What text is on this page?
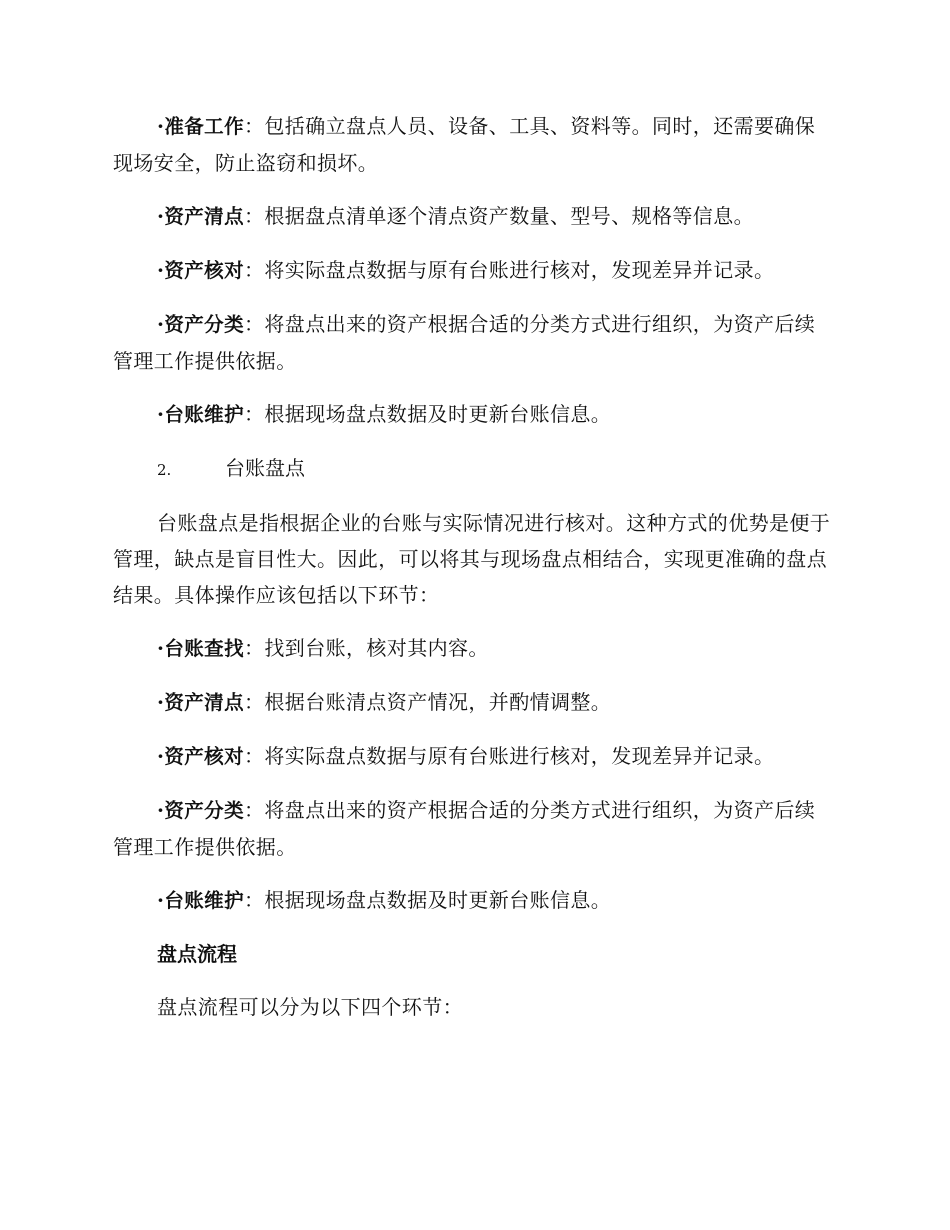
·准备工作：包括确立盘点人员、设备、工具、资料等。同时，还需要确保现场安全，防止盗窃和损坏。

·资产清点：根据盘点清单逐个清点资产数量、型号、规格等信息。

·资产核对：将实际盘点数据与原有台账进行核对，发现差异并记录。

·资产分类：将盘点出来的资产根据合适的分类方式进行组织，为资产后续管理工作提供依据。

·台账维护：根据现场盘点数据及时更新台账信息。

2.	台账盘点

台账盘点是指根据企业的台账与实际情况进行核对。这种方式的优势是便于管理，缺点是盲目性大。因此，可以将其与现场盘点相结合，实现更准确的盘点结果。具体操作应该包括以下环节：

·台账查找：找到台账，核对其内容。

·资产清点：根据台账清点资产情况，并酌情调整。

·资产核对：将实际盘点数据与原有台账进行核对，发现差异并记录。

·资产分类：将盘点出来的资产根据合适的分类方式进行组织，为资产后续管理工作提供依据。

·台账维护：根据现场盘点数据及时更新台账信息。

盘点流程

盘点流程可以分为以下四个环节：
